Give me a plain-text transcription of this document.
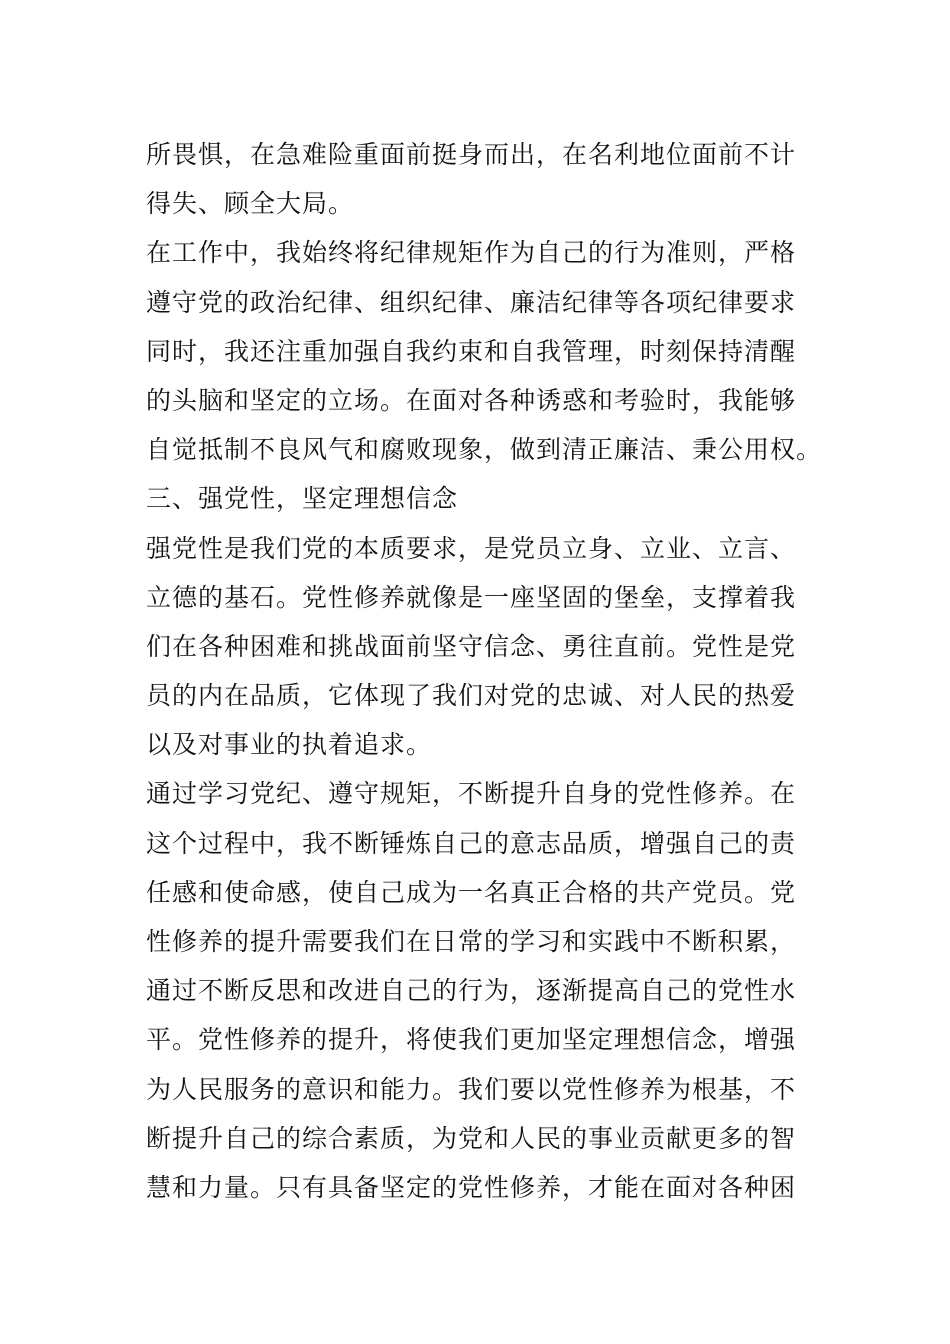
所畏惧，在急难险重面前挺身而出，在名利地位面前不计
得失、顾全大局。
在工作中，我始终将纪律规矩作为自己的行为准则，严格
遵守党的政治纪律、组织纪律、廉洁纪律等各项纪律要求
同时，我还注重加强自我约束和自我管理，时刻保持清醒
的头脑和坚定的立场。在面对各种诱惑和考验时，我能够
自觉抵制不良风气和腐败现象，做到清正廉洁、秉公用权。
三、强党性，坚定理想信念
强党性是我们党的本质要求，是党员立身、立业、立言、
立德的基石。党性修养就像是一座坚固的堡垒，支撑着我
们在各种困难和挑战面前坚守信念、勇往直前。党性是党
员的内在品质，它体现了我们对党的忠诚、对人民的热爱
以及对事业的执着追求。
通过学习党纪、遵守规矩，不断提升自身的党性修养。在
这个过程中，我不断锤炼自己的意志品质，增强自己的责
任感和使命感，使自己成为一名真正合格的共产党员。党
性修养的提升需要我们在日常的学习和实践中不断积累，
通过不断反思和改进自己的行为，逐渐提高自己的党性水
平。党性修养的提升，将使我们更加坚定理想信念，增强
为人民服务的意识和能力。我们要以党性修养为根基，不
断提升自己的综合素质，为党和人民的事业贡献更多的智
慧和力量。只有具备坚定的党性修养，才能在面对各种困
